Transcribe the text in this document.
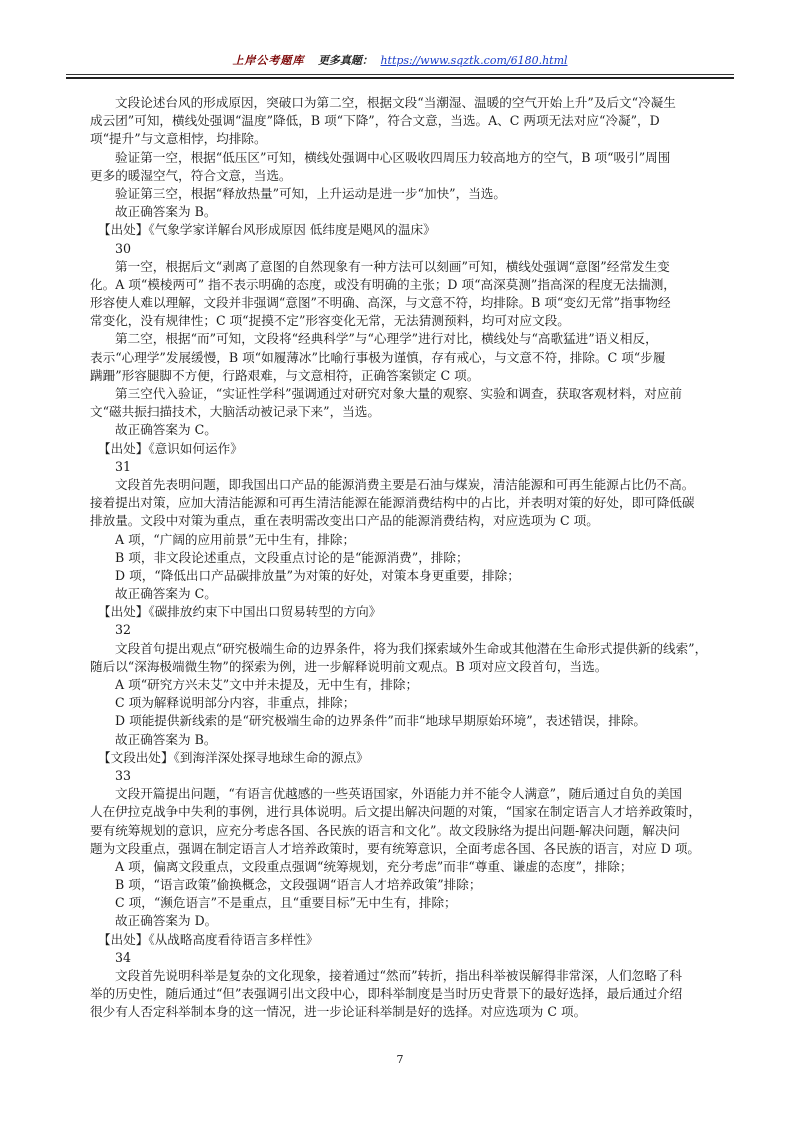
上岸公考题库 更多真题： https://www.sqztk.com/6180.html
文段论述台风的形成原因，突破口为第二空，根据文段“当潮湿、温暖的空气开始上升”及后文“冷凝生
成云团”可知，横线处强调“温度”降低，B 项“下降”，符合文意，当选。A、C 两项无法对应“冷凝”，D
项“提升”与文意相悖，均排除。
验证第一空，根据“低压区”可知，横线处强调中心区吸收四周压力较高地方的空气，B 项“吸引”周围
更多的暖湿空气，符合文意，当选。
验证第三空，根据“释放热量”可知，上升运动是进一步“加快”，当选。
故正确答案为 B。
【出处】《气象学家详解台风形成原因 低纬度是飓风的温床》
30
第一空，根据后文“剥离了意图的自然现象有一种方法可以刻画”可知，横线处强调“意图”经常发生变
化。A 项“模棱两可” 指不表示明确的态度，或没有明确的主张；D 项“高深莫测”指高深的程度无法揣测，
形容使人难以理解，文段并非强调“意图”不明确、高深，与文意不符，均排除。B 项“变幻无常”指事物经
常变化，没有规律性；C 项“捉摸不定”形容变化无常，无法猜测预料，均可对应文段。
第二空，根据“而”可知，文段将“经典科学”与“心理学”进行对比，横线处与“高歌猛进”语义相反，
表示“心理学”发展缓慢，B 项“如履薄冰”比喻行事极为谨慎，存有戒心，与文意不符，排除。C 项“步履
蹒跚”形容腿脚不方便，行路艰难，与文意相符，正确答案锁定 C 项。
第三空代入验证，“实证性学科”强调通过对研究对象大量的观察、实验和调查，获取客观材料，对应前
文“磁共振扫描技术，大脑活动被记录下来”，当选。
故正确答案为 C。
【出处】《意识如何运作》
31
文段首先表明问题，即我国出口产品的能源消费主要是石油与煤炭，清洁能源和可再生能源占比仍不高。
接着提出对策，应加大清洁能源和可再生清洁能源在能源消费结构中的占比，并表明对策的好处，即可降低碳
排放量。文段中对策为重点，重在表明需改变出口产品的能源消费结构，对应选项为 C 项。
A 项，“广阔的应用前景”无中生有，排除；
B 项，非文段论述重点，文段重点讨论的是“能源消费”，排除；
D 项，“降低出口产品碳排放量”为对策的好处，对策本身更重要，排除；
故正确答案为 C。
【出处】《碳排放约束下中国出口贸易转型的方向》
32
文段首句提出观点“研究极端生命的边界条件，将为我们探索域外生命或其他潜在生命形式提供新的线索”，
随后以“深海极端微生物”的探索为例，进一步解释说明前文观点。B 项对应文段首句，当选。
A 项“研究方兴未艾”文中并未提及，无中生有，排除；
C 项为解释说明部分内容，非重点，排除；
D 项能提供新线索的是“研究极端生命的边界条件”而非“地球早期原始环境”，表述错误，排除。
故正确答案为 B。
【文段出处】《到海洋深处探寻地球生命的源点》
33
文段开篇提出问题，“有语言优越感的一些英语国家，外语能力并不能令人满意”，随后通过自负的美国
人在伊拉克战争中失利的事例，进行具体说明。后文提出解决问题的对策，“国家在制定语言人才培养政策时，
要有统筹规划的意识，应充分考虑各国、各民族的语言和文化”。故文段脉络为提出问题-解决问题，解决问
题为文段重点，强调在制定语言人才培养政策时，要有统筹意识，全面考虑各国、各民族的语言，对应 D 项。
A 项，偏离文段重点，文段重点强调“统筹规划，充分考虑”而非“尊重、谦虚的态度”，排除；
B 项，“语言政策”偷换概念，文段强调“语言人才培养政策”排除；
C 项，“濒危语言”不是重点，且“重要目标”无中生有，排除；
故正确答案为 D。
【出处】《从战略高度看待语言多样性》
34
文段首先说明科举是复杂的文化现象，接着通过“然而”转折，指出科举被误解得非常深，人们忽略了科
举的历史性，随后通过“但”表强调引出文段中心，即科举制度是当时历史背景下的最好选择，最后通过介绍
很少有人否定科举制本身的这一情况，进一步论证科举制是好的选择。对应选项为 C 项。
7
